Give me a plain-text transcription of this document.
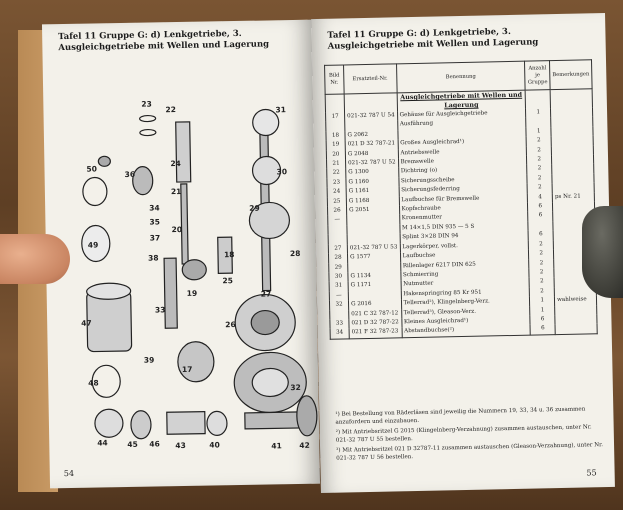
Tafel 11 Gruppe G: d) Lenkgetriebe, 3. Ausgleichgetriebe mit Wellen und Lagerung
22
23
31
24
36	30
50
34
35
20
21
29
25
49
38
37
32
28
19
48
33
26
47
27
18
39
17
44	45 46 43	40	41 42
54
Tafel 11 Gruppe G: d) Lenkgetriebe, 3. Ausgleichgetriebe mit Wellen und Lagerung
Bild Nr.	Ersatzteil-Nr.	Benennung	Anzahl je Gruppe	Bemerkungen
		Ausgleichgetriebe mit Wellen und Lagerung		
17	021-32 787 U 54	Gehäuse für Ausgleichgetriebe	1	
		Ausführung		
18	G 2062		1	
19	021 D 32 787-21	Großes Ausgleichrad¹)	2	
20	G 2048	Antriebswelle	2	
21	021-32 787 U 52	Bremswelle	2	
22	G 1300	Dichtring (o)	2	
23	G 1160	Sicherungsscheibe	2	
24	G 1161	Sicherungsfederring	2	
25	G 1168	Laufbuchse für Bremswelle	4	ps Nr. 21
26	G 2051	Kopfschraube	6	
—		Kronenmutter	6	
		M 14×1,5 DIN 935 — 5 S		
		Splint 3×28 DIN 94	6	
27	021-32 787 U 53	Lagerkörper, vollst.	2	
28	G 1577	Laufbuchse	2	
29		Rillenlager 6217 DIN 625	2	
30	G 1134	Schmierring	2	
31	G 1171	Nutmutter	2	
—		Hakenspringring 85 Kr 951	2	
32	G 2016	Tellerrad²), Klingelnberg-Verz.	1	wahlweise
	021 C 32 787-12	Tellerrad³), Gleason-Verz.	1	
33	021 D 32 787-22	Kleines Ausgleichrad¹)	6	
34	021 F 32 787-23	Abstandbuchse(²)	6	

¹) Bei Bestellung von Räderläsen sind jeweilig die Nummern 19, 33, 34 u. 36 zusammen anzufordern und einzubauen.

²) Mit Antriebsritzel G 2015 (Klingelnberg-Verzahnung) zusammen austauschen, unter Nr. 021-32 787 U 55 bestellen.

³) Mit Antriebsritzel 021 D 32787-11 zusammen austauschen (Gleason-Verzahnung), unter Nr. 021-32 787 U 56 bestellen.

55
